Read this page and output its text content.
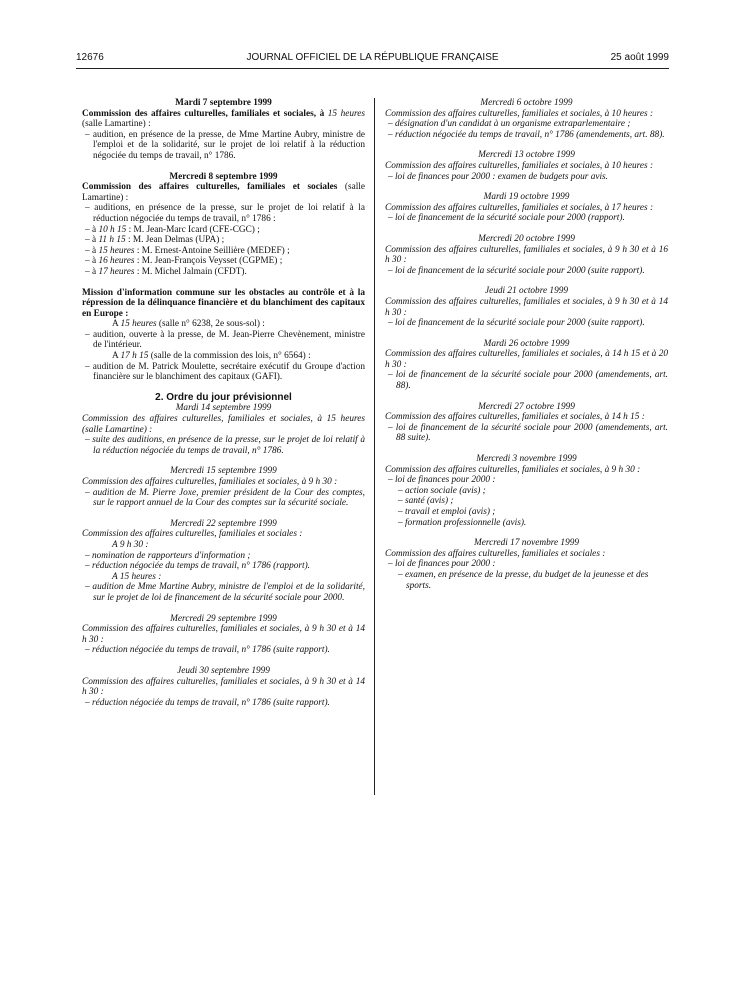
12676	JOURNAL OFFICIEL DE LA RÉPUBLIQUE FRANÇAISE	25 août 1999

Mardi 7 septembre 1999

Commission des affaires culturelles, familiales et sociales, à 15 heures (salle Lamartine) :

– audition, en présence de la presse, de Mme Martine Aubry, ministre de l'emploi et de la solidarité, sur le projet de loi relatif à la réduction négociée du temps de travail, n° 1786.

Mercredi 8 septembre 1999

Commission des affaires culturelles, familiales et sociales (salle Lamartine) :

– auditions, en présence de la presse, sur le projet de loi relatif à la réduction négociée du temps de travail, n° 1786 :

– à 10 h 15 : M. Jean-Marc Icard (CFE-CGC) ;

– à 11 h 15 : M. Jean Delmas (UPA) ;

– à 15 heures : M. Ernest-Antoine Seillière (MEDEF) ;

– à 16 heures : M. Jean-François Veysset (CGPME) ;

– à 17 heures : M. Michel Jalmain (CFDT).

Mission d'information commune sur les obstacles au contrôle et à la répression de la délinquance financière et du blanchiment des capitaux en Europe :

A 15 heures (salle n° 6238, 2e sous-sol) :

– audition, ouverte à la presse, de M. Jean-Pierre Chevènement, ministre de l'intérieur.

A 17 h 15 (salle de la commission des lois, n° 6564) :

– audition de M. Patrick Moulette, secrétaire exécutif du Groupe d'action financière sur le blanchiment des capitaux (GAFI).

2. Ordre du jour prévisionnel

Mardi 14 septembre 1999

Commission des affaires culturelles, familiales et sociales, à 15 heures (salle Lamartine) :

– suite des auditions, en présence de la presse, sur le projet de loi relatif à la réduction négociée du temps de travail, n° 1786.

Mercredi 15 septembre 1999

Commission des affaires culturelles, familiales et sociales, à 9 h 30 :

– audition de M. Pierre Joxe, premier président de la Cour des comptes, sur le rapport annuel de la Cour des comptes sur la sécurité sociale.

Mercredi 22 septembre 1999

Commission des affaires culturelles, familiales et sociales :

A 9 h 30 :

– nomination de rapporteurs d'information ;

– réduction négociée du temps de travail, n° 1786 (rapport).

A 15 heures :

– audition de Mme Martine Aubry, ministre de l'emploi et de la solidarité, sur le projet de loi de financement de la sécurité sociale pour 2000.

Mercredi 29 septembre 1999

Commission des affaires culturelles, familiales et sociales, à 9 h 30 et à 14 h 30 :

– réduction négociée du temps de travail, n° 1786 (suite rapport).

Jeudi 30 septembre 1999

Commission des affaires culturelles, familiales et sociales, à 9 h 30 et à 14 h 30 :

– réduction négociée du temps de travail, n° 1786 (suite rapport).

Mercredi 6 octobre 1999

Commission des affaires culturelles, familiales et sociales, à 10 heures :

– désignation d'un candidat à un organisme extraparlementaire ;

– réduction négociée du temps de travail, n° 1786 (amendements, art. 88).

Mercredi 13 octobre 1999

Commission des affaires culturelles, familiales et sociales, à 10 heures :

– loi de finances pour 2000 : examen de budgets pour avis.

Mardi 19 octobre 1999

Commission des affaires culturelles, familiales et sociales, à 17 heures :

– loi de financement de la sécurité sociale pour 2000 (rapport).

Mercredi 20 octobre 1999

Commission des affaires culturelles, familiales et sociales, à 9 h 30 et à 16 h 30 :

– loi de financement de la sécurité sociale pour 2000 (suite rapport).

Jeudi 21 octobre 1999

Commission des affaires culturelles, familiales et sociales, à 9 h 30 et à 14 h 30 :

– loi de financement de la sécurité sociale pour 2000 (suite rapport).

Mardi 26 octobre 1999

Commission des affaires culturelles, familiales et sociales, à 14 h 15 et à 20 h 30 :

– loi de financement de la sécurité sociale pour 2000 (amendements, art. 88).

Mercredi 27 octobre 1999

Commission des affaires culturelles, familiales et sociales, à 14 h 15 :

– loi de financement de la sécurité sociale pour 2000 (amendements, art. 88 suite).

Mercredi 3 novembre 1999

Commission des affaires culturelles, familiales et sociales, à 9 h 30 :

– loi de finances pour 2000 :

– action sociale (avis) ;

– santé (avis) ;

– travail et emploi (avis) ;

– formation professionnelle (avis).

Mercredi 17 novembre 1999

Commission des affaires culturelles, familiales et sociales :

– loi de finances pour 2000 :

– examen, en présence de la presse, du budget de la jeunesse et des sports.
